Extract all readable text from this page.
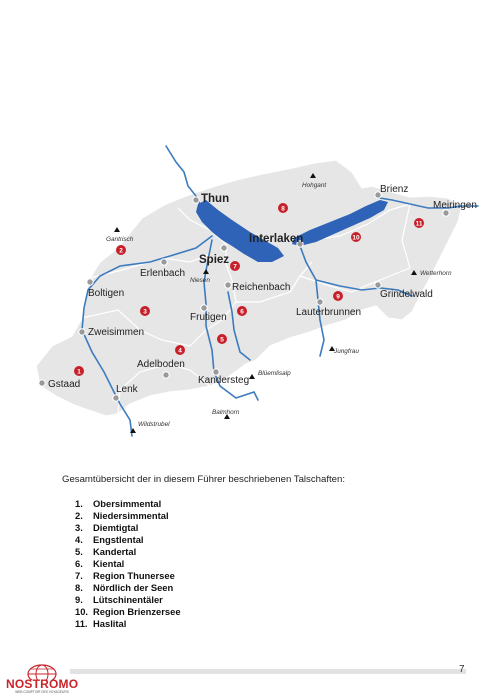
Thun
Interlaken
Spiez
Brienz
Meiringen
Erlenbach
Boltigen
Reichenbach
Frutigen	Lauterbrunnen
Grindelwald
Zweisimmen
Adelboden
Kandersteg
Gstaad	Lenk
Hohgant
Gantrisch
Niesen
Wetterhorn
Jungfrau
Blüemlisalp
Balmhorn
Wildstrubel
1
2
3
4
5
6
7
8
9
10
11
Gesamtübersicht der in diesem Führer beschriebenen Talschaften:
1.	Obersimmental
2.	Niedersimmental
3.	Diemtigtal
4.	Engstlental
5.	Kandertal
6.	Kiental
7.	Region Thunersee
8.	Nördlich der Seen
9.	Lütschinentäler
10. Region Brienzersee
11. Haslital
NOSTROMO
WEB COMPTOIR DES VOYAGEURS
7
